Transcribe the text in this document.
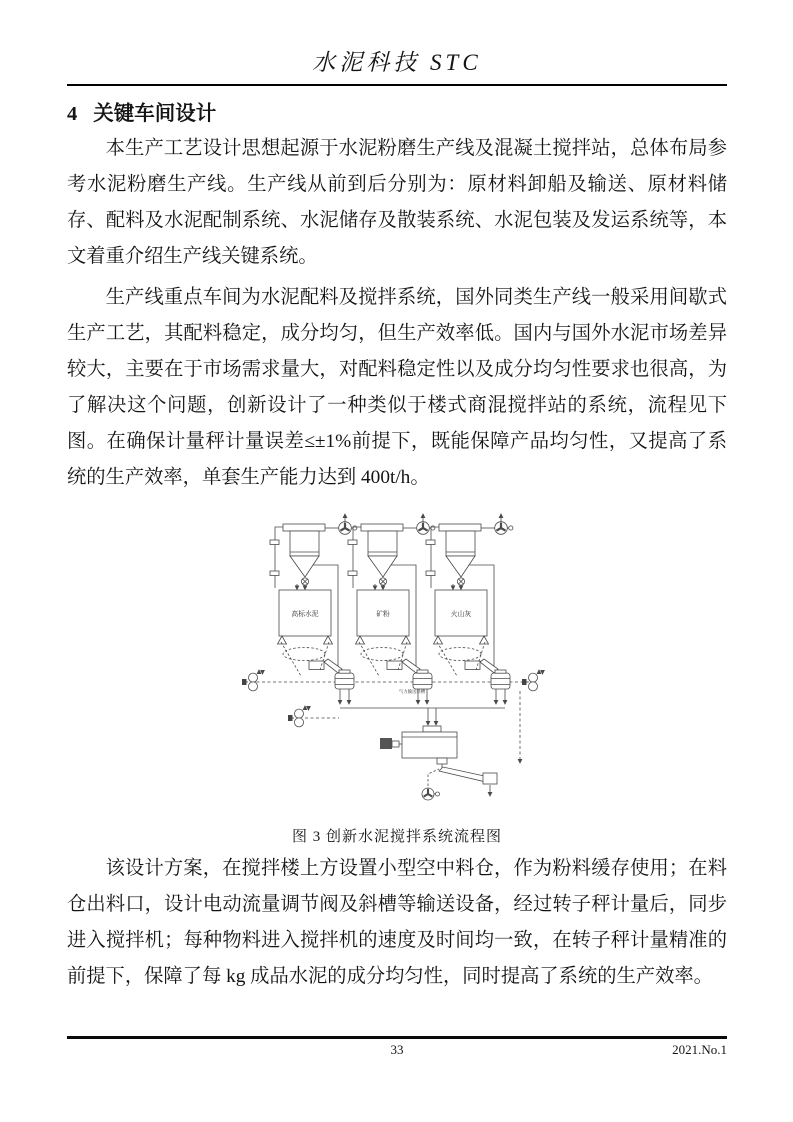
水泥科技 STC
4 关键车间设计

本生产工艺设计思想起源于水泥粉磨生产线及混凝土搅拌站，总体布局参考水泥粉磨生产线。生产线从前到后分别为：原材料卸船及输送、原材料储存、配料及水泥配制系统、水泥储存及散装系统、水泥包装及发运系统等，本文着重介绍生产线关键系统。

生产线重点车间为水泥配料及搅拌系统，国外同类生产线一般采用间歇式生产工艺，其配料稳定，成分均匀，但生产效率低。国内与国外水泥市场差异较大，主要在于市场需求量大，对配料稳定性以及成分均匀性要求也很高，为了解决这个问题，创新设计了一种类似于楼式商混搅拌站的系统，流程见下图。在确保计量秤计量误差≤±1%前提下，既能保障产品均匀性，又提高了系统的生产效率，单套生产能力达到 400t/h。

高标水泥	矿粉	火山灰
气力输送斜槽
图 3 创新水泥搅拌系统流程图

该设计方案，在搅拌楼上方设置小型空中料仓，作为粉料缓存使用；在料仓出料口，设计电动流量调节阀及斜槽等输送设备，经过转子秤计量后，同步进入搅拌机；每种物料进入搅拌机的速度及时间均一致，在转子秤计量精准的前提下，保障了每 kg 成品水泥的成分均匀性，同时提高了系统的生产效率。

33	2021.No.1
